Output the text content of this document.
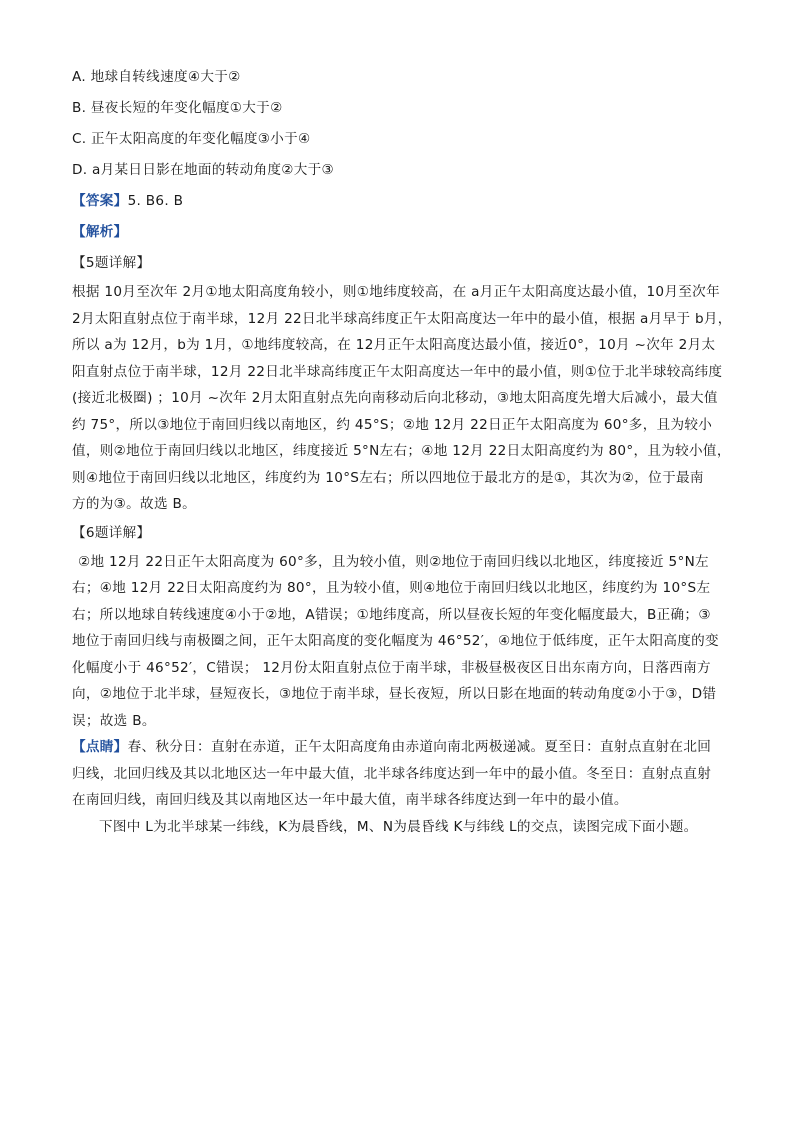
A. 地球自转线速度④大于②
B. 昼夜长短的年变化幅度①大于②
C. 正午太阳高度的年变化幅度③小于④
D. a月某日日影在地面的转动角度②大于③
【答案】5. B6. B
【解析】
【5题详解】
根据 10月至次年 2月①地太阳高度角较小，则①地纬度较高，在 a月正午太阳高度达最小值，10月至次年
2月太阳直射点位于南半球，12月 22日北半球高纬度正午太阳高度达一年中的最小值，根据 a月早于 b月，
所以 a为 12月，b为 1月，①地纬度较高，在 12月正午太阳高度达最小值，接近0°，10月 ~次年 2月太
阳直射点位于南半球，12月 22日北半球高纬度正午太阳高度达一年中的最小值，则①位于北半球较高纬度
(接近北极圈) ；10月 ~次年 2月太阳直射点先向南移动后向北移动，③地太阳高度先增大后减小，最大值
约 75°，所以③地位于南回归线以南地区，约 45°S；②地 12月 22日正午太阳高度为 60°多，且为较小
值，则②地位于南回归线以北地区，纬度接近 5°N左右；④地 12月 22日太阳高度约为 80°，且为较小值，
则④地位于南回归线以北地区，纬度约为 10°S左右；所以四地位于最北方的是①，其次为②，位于最南
方的为③。故选 B。
【6题详解】
②地 12月 22日正午太阳高度为 60°多，且为较小值，则②地位于南回归线以北地区，纬度接近 5°N左
右；④地 12月 22日太阳高度约为 80°，且为较小值，则④地位于南回归线以北地区，纬度约为 10°S左
右；所以地球自转线速度④小于②地，A错误；①地纬度高，所以昼夜长短的年变化幅度最大，B正确；③
地位于南回归线与南极圈之间，正午太阳高度的变化幅度为 46°52′，④地位于低纬度，正午太阳高度的变
化幅度小于 46°52′，C错误； 12月份太阳直射点位于南半球，非极昼极夜区日出东南方向，日落西南方
向，②地位于北半球，昼短夜长，③地位于南半球，昼长夜短，所以日影在地面的转动角度②小于③，D错
误；故选 B。
【点睛】春、秋分日：直射在赤道，正午太阳高度角由赤道向南北两极递减。夏至日：直射点直射在北回
归线，北回归线及其以北地区达一年中最大值，北半球各纬度达到一年中的最小值。冬至日：直射点直射
在南回归线，南回归线及其以南地区达一年中最大值，南半球各纬度达到一年中的最小值。
下图中 L为北半球某一纬线，K为晨昏线，M、N为晨昏线 K与纬线 L的交点，读图完成下面小题。
